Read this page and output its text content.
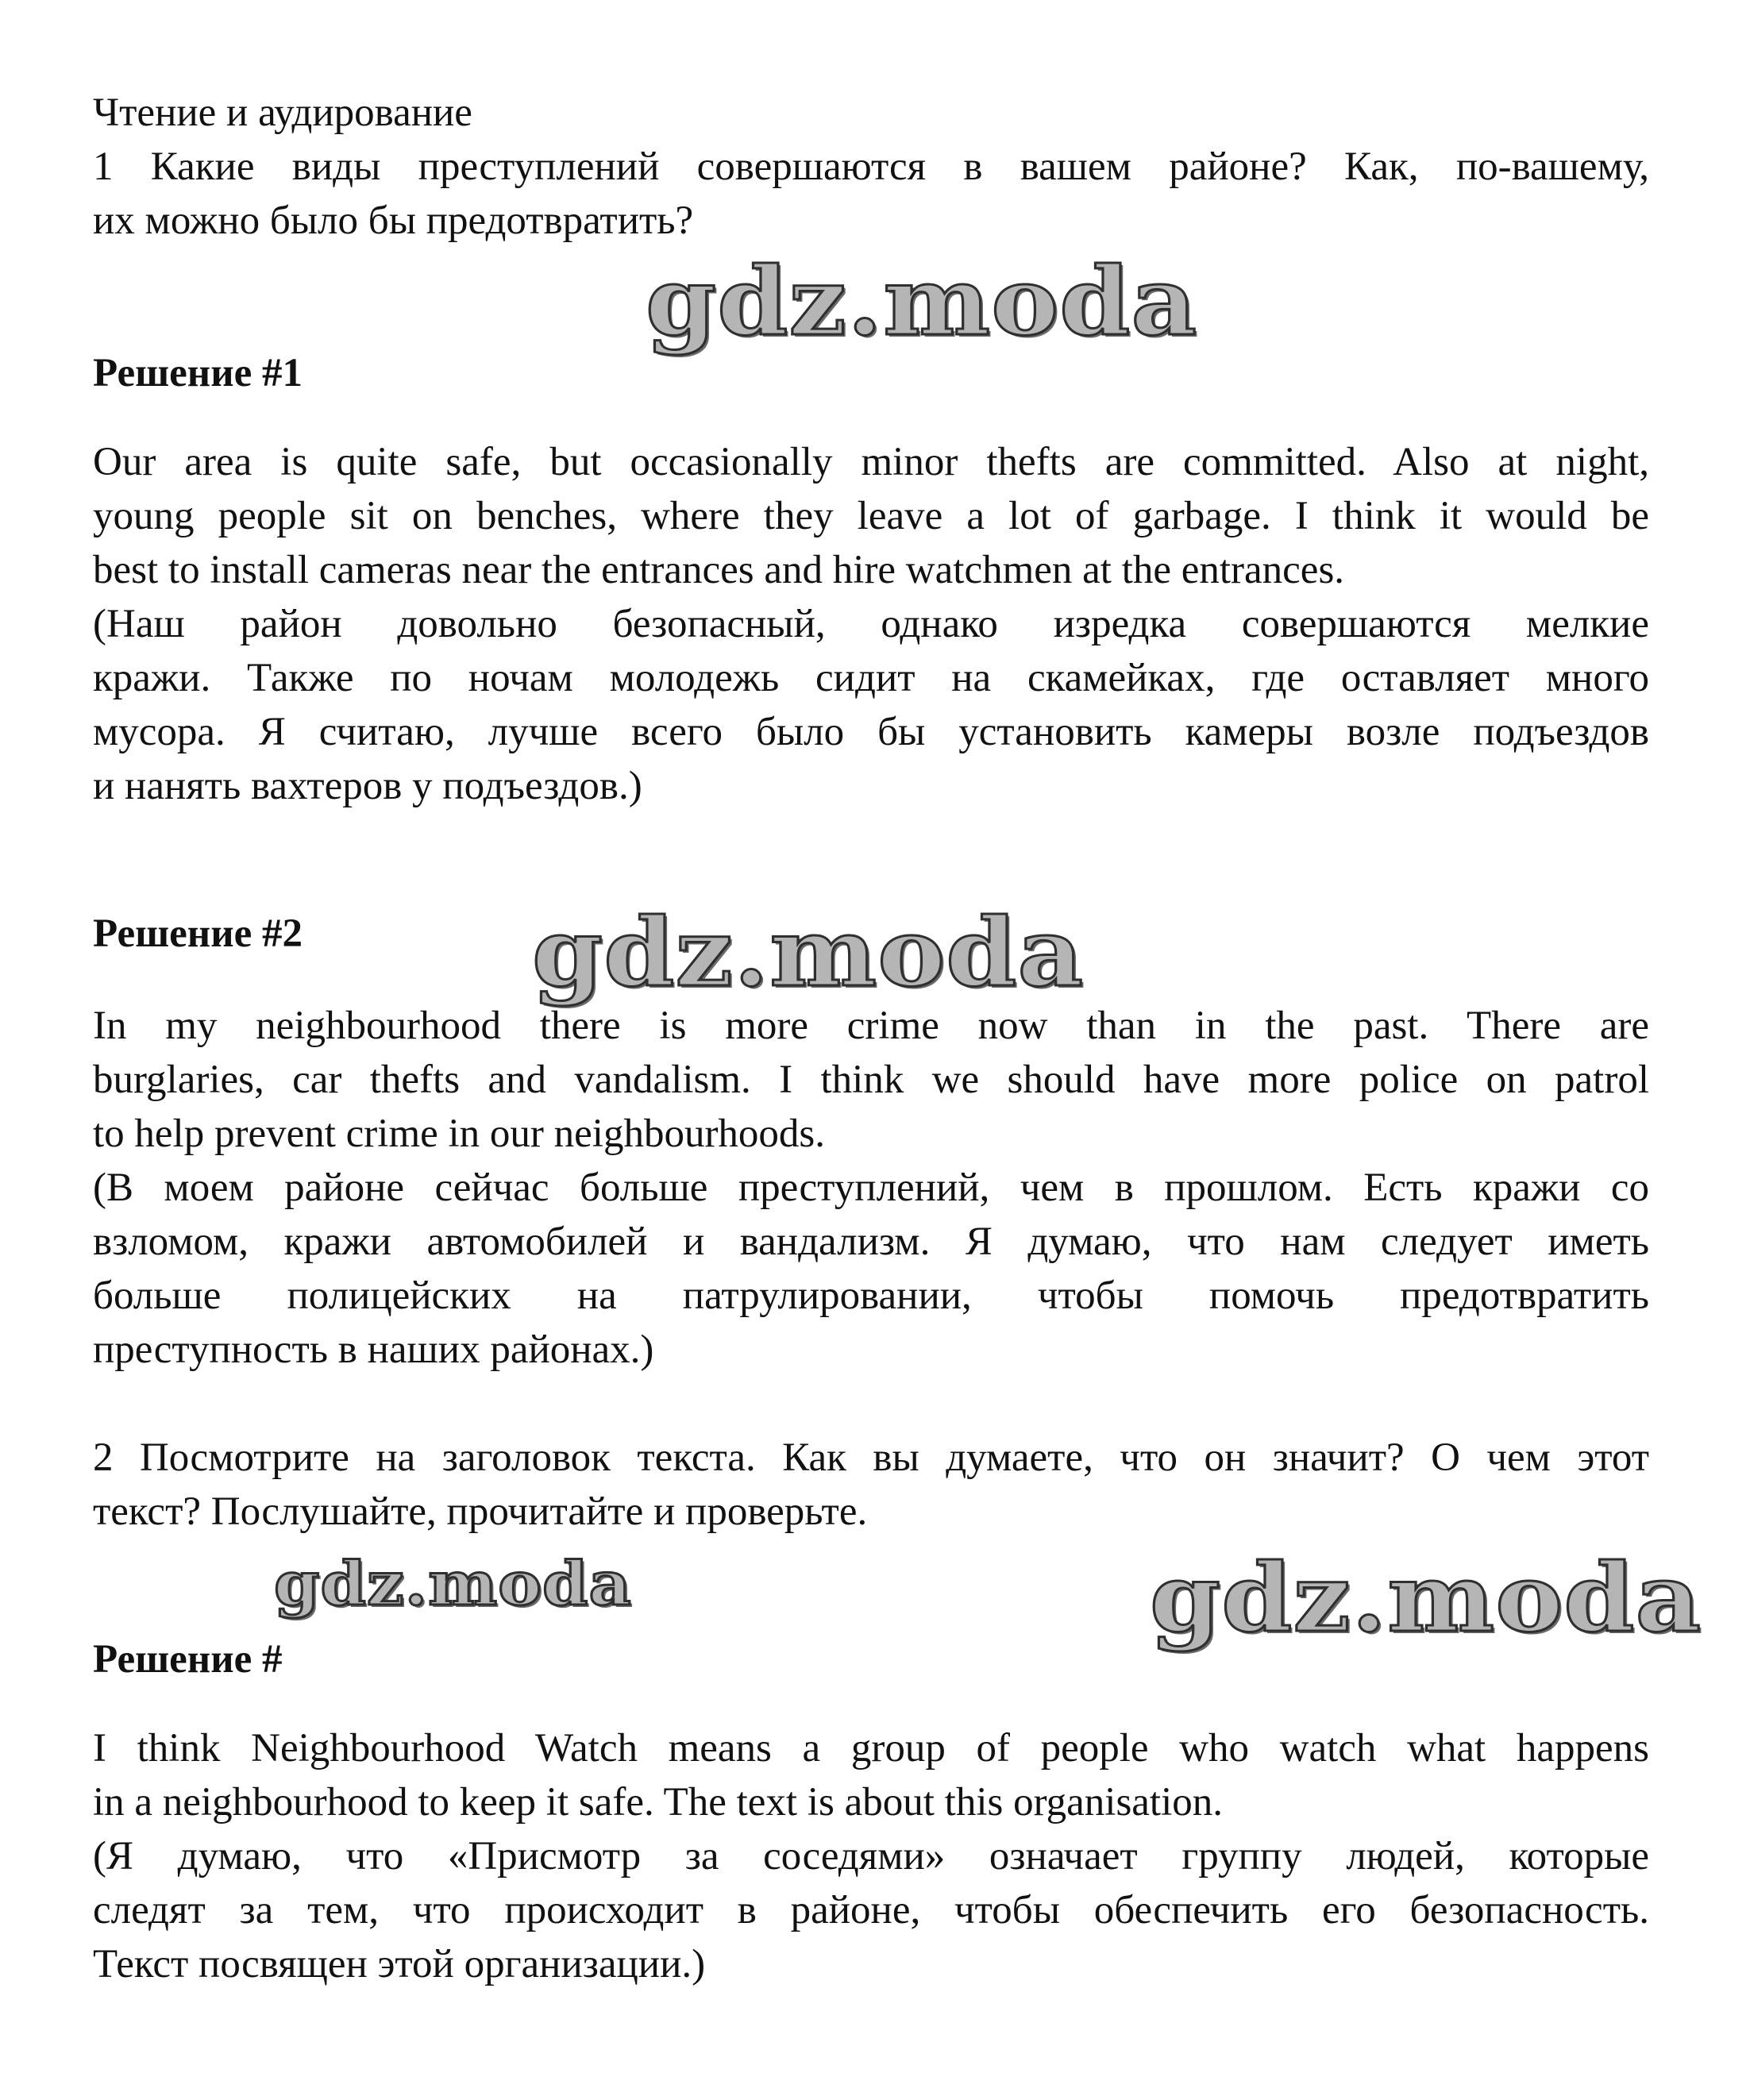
Чтение и аудирование
1 Какие виды преступлений совершаются в вашем районе? Как, по-вашему,
их можно было бы предотвратить?
gdz.moda
Решение #1
Our area is quite safe, but occasionally minor thefts are committed. Also at night,
young people sit on benches, where they leave a lot of garbage. I think it would be
best to install cameras near the entrances and hire watchmen at the entrances.
(Наш район довольно безопасный, однако изредка совершаются мелкие
кражи. Также по ночам молодежь сидит на скамейках, где оставляет много
мусора. Я считаю, лучше всего было бы установить камеры возле подъездов
и нанять вахтеров у подъездов.)
Решение #2 gdz.moda
In my neighbourhood there is more crime now than in the past. There are
burglaries, car thefts and vandalism. I think we should have more police on patrol
to help prevent crime in our neighbourhoods.
(В моем районе сейчас больше преступлений, чем в прошлом. Есть кражи со
взломом, кражи автомобилей и вандализм. Я думаю, что нам следует иметь
больше полицейских на патрулировании, чтобы помочь предотвратить
преступность в наших районах.)
2 Посмотрите на заголовок текста. Как вы думаете, что он значит? О чем этот
текст? Послушайте, прочитайте и проверьте.
gdz.moda	gdz.moda
Решение #
I think Neighbourhood Watch means a group of people who watch what happens
in a neighbourhood to keep it safe. The text is about this organisation.
(Я думаю, что «Присмотр за соседями» означает группу людей, которые
следят за тем, что происходит в районе, чтобы обеспечить его безопасность.
Текст посвящен этой организации.)
